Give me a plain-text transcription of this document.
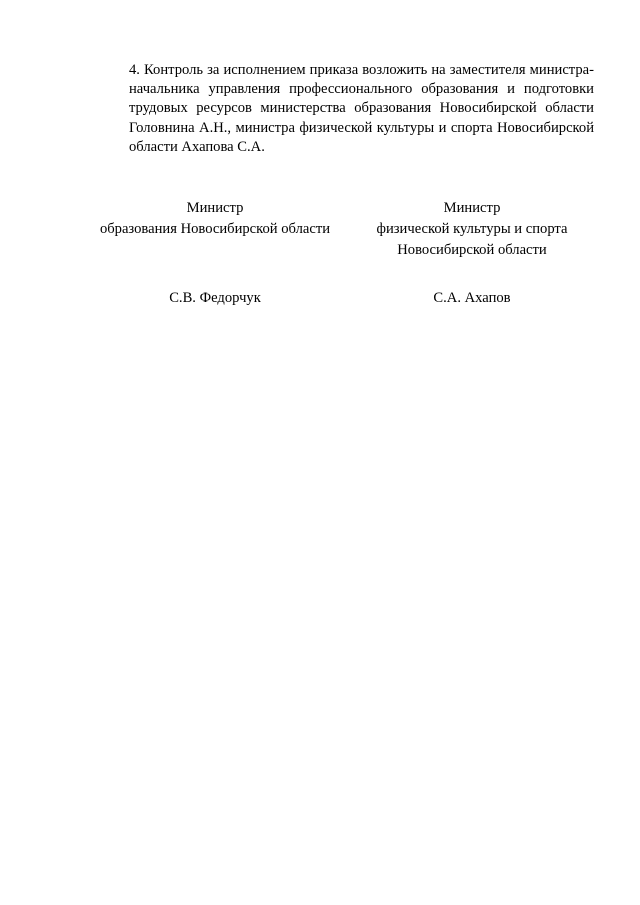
4. Контроль за исполнением приказа возложить на заместителя министра-начальника управления профессионального образования и подготовки трудовых ресурсов министерства образования Новосибирской области Головнина А.Н., министра физической культуры и спорта Новосибирской области Ахапова С.А.

Министр
образования Новосибирской области
Министр
физической культуры и спорта
Новосибирской области
С.В. Федорчук	С.А. Ахапов
